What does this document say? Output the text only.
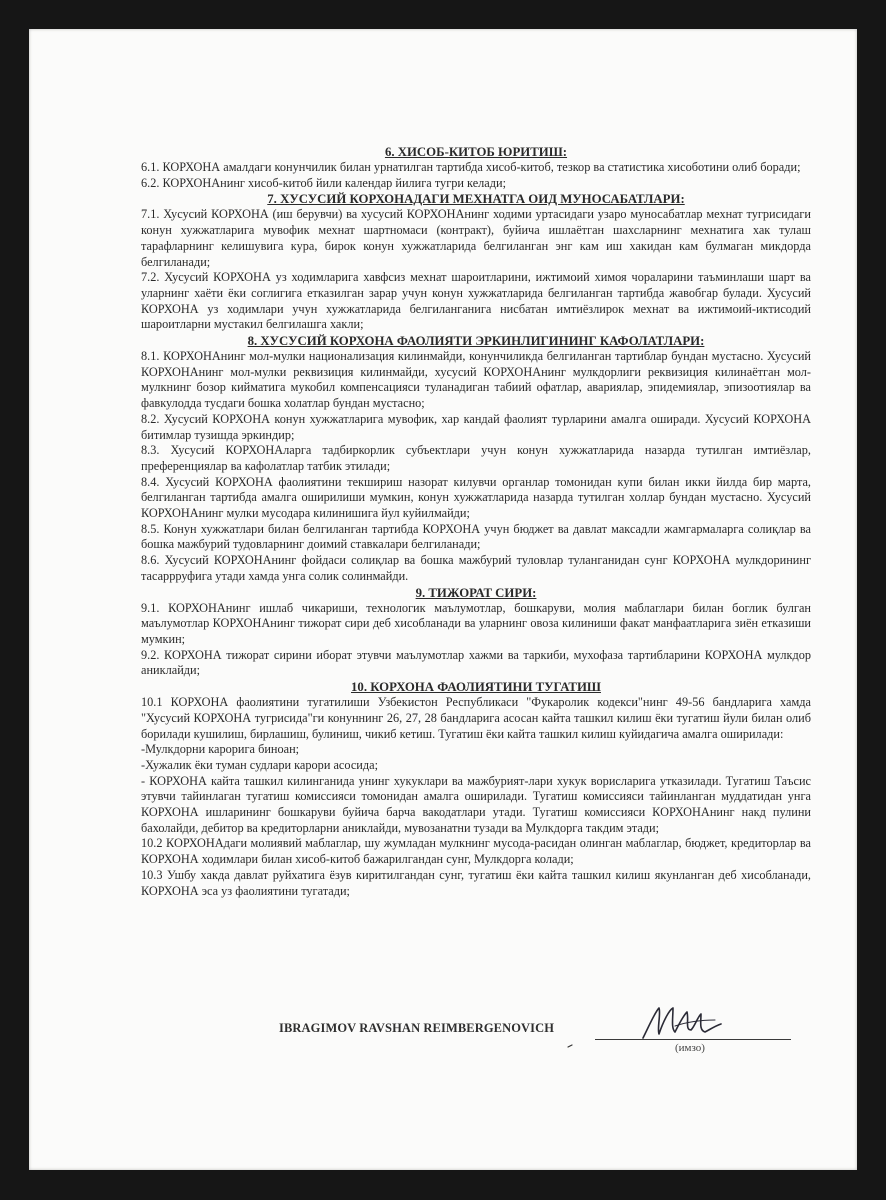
6. ХИСОБ-КИТОБ ЮРИТИШ:

6.1. КОРХОНА амалдаги конунчилик билан урнатилган тартибда хисоб-китоб, тезкор ва статистика хисоботини олиб боради;

6.2. КОРХОНАнинг хисоб-китоб йили календар йилига тугри келади;

7. ХУСУСИЙ КОРХОНАДАГИ МЕХНАТГА ОИД МУНОСАБАТЛАРИ:

7.1. Хусусий КОРХОНА (иш берувчи) ва хусусий КОРХОНАнинг ходими уртасидаги узаро муносабатлар мехнат тугрисидаги конун хужжатларига мувофик мехнат шартномаси (контракт), буйича ишлаётган шахсларнинг мехнатига хак тулаш тарафларнинг келишувига кура, бирок конун хужжатларида белгиланган энг кам иш хакидан кам булмаган микдорда белгиланади;

7.2. Хусусий КОРХОНА уз ходимларига хавфсиз мехнат шароитларини, ижтимоий химоя чораларини таъминлаши шарт ва уларнинг хаёти ёки соглигига етказилган зарар учун конун хужжатларида белгиланган тартибда жавобгар булади. Хусусий КОРХОНА уз ходимлари учун хужжатларида белгиланганига нисбатан имтиёзлирок мехнат ва ижтимоий-иктисодий шароитларни мустакил белгилашга хакли;

8. ХУСУСИЙ КОРХОНА ФАОЛИЯТИ ЭРКИНЛИГИНИНГ КАФОЛАТЛАРИ:

8.1. КОРХОНАнинг мол-мулки национализация килинмайди, конунчиликда белгиланган тартиблар бундан мустасно. Хусусий КОРХОНАнинг мол-мулки реквизиция килинмайди, хусусий КОРХОНАнинг мулкдорлиги реквизиция килинаётган мол-мулкнинг бозор кийматига мукобил компенсацияси туланадиган табиий офатлар, авариялар, эпидемиялар, эпизоотиялар ва фавкулодда тусдаги бошка холатлар бундан мустасно;

8.2. Хусусий КОРХОНА конун хужжатларига мувофик, хар кандай фаолият турларини амалга оширади. Хусусий КОРХОНА битимлар тузишда эркиндир;

8.3. Хусусий КОРХОНАларга тадбиркорлик субъектлари учун конун хужжатларида назарда тутилган имтиёзлар, преференциялар ва кафолатлар татбик этилади;

8.4. Хусусий КОРХОНА фаолиятини текшириш назорат килувчи органлар томонидан купи билан икки йилда бир марта, белгиланган тартибда амалга оширилиши мумкин, конун хужжатларида назарда тутилган холлар бундан мустасно. Хусусий КОРХОНАнинг мулки мусодара килинишига йул куйилмайди;

8.5. Конун хужжатлари билан белгиланган тартибда КОРХОНА учун бюджет ва давлат максадли жамгармаларга солиқлар ва бошка мажбурий тудовларнинг доимий ставкалари белгиланади;

8.6. Хусусий КОРХОНАнинг фойдаси солиқлар ва бошка мажбурий туловлар туланганидан сунг КОРХОНА мулкдорининг тасаррруфига утади хамда унга солик солинмайди.

9. ТИЖОРАТ СИРИ:

9.1. КОРХОНАнинг ишлаб чикариши, технологик маълумотлар, бошкаруви, молия маблаглари билан боглик булган маълумотлар КОРХОНАнинг тижорат сири деб хисобланади ва уларнинг овоза килиниши факат манфаатларига зиён етказиши мумкин;

9.2. КОРХОНА тижорат сирини иборат этувчи маълумотлар хажми ва таркиби, мухофаза тартибларини КОРХОНА мулкдор аниклайди;

10. КОРХОНА ФАОЛИЯТИНИ ТУГАТИШ

10.1 КОРХОНА фаолиятини тугатилиши Узбекистон Республикаси "Фукаролик кодекси"нинг 49-56 бандларига хамда "Хусусий КОРХОНА тугрисида"ги конуннинг 26, 27, 28 бандларига асосан кайта ташкил килиш ёки тугатиш йули билан олиб борилади кушилиш, бирлашиш, булиниш, чикиб кетиш. Тугатиш ёки кайта ташкил килиш куйидагича амалга оширилади:

-Мулкдорни карорига биноан;

-Хужалик ёки туман судлари карори асосида;

- КОРХОНА кайта ташкил килинганида унинг хукуклари ва мажбурият-лари хукук ворисларига утказилади. Тугатиш Таъсис этувчи тайинлаган тугатиш комиссияси томонидан амалга оширилади. Тугатиш комиссияси тайинланган муддатидан унга КОРХОНА ишларининг бошкаруви буйича барча вакодатлари утади. Тугатиш комиссияси КОРХОНАнинг накд пулини бахолайди, дебитор ва кредиторларни аниклайди, мувозанатни тузади ва Мулкдорга такдим этади;

10.2 КОРХОНАдаги молиявий маблаглар, шу жумладан мулкнинг мусода-расидан олинган маблаглар, бюджет, кредиторлар ва КОРХОНА ходимлари билан хисоб-китоб бажарилгандан сунг, Мулкдорга колади;

10.3 Ушбу хакда давлат руйхатига ёзув киритилгандан сунг, тугатиш ёки кайта ташкил килиш якунланган деб хисобланади, КОРХОНА эса уз фаолиятини тугатади;

IBRAGIMOV RAVSHAN REIMBERGENOVICH
(имзо)
